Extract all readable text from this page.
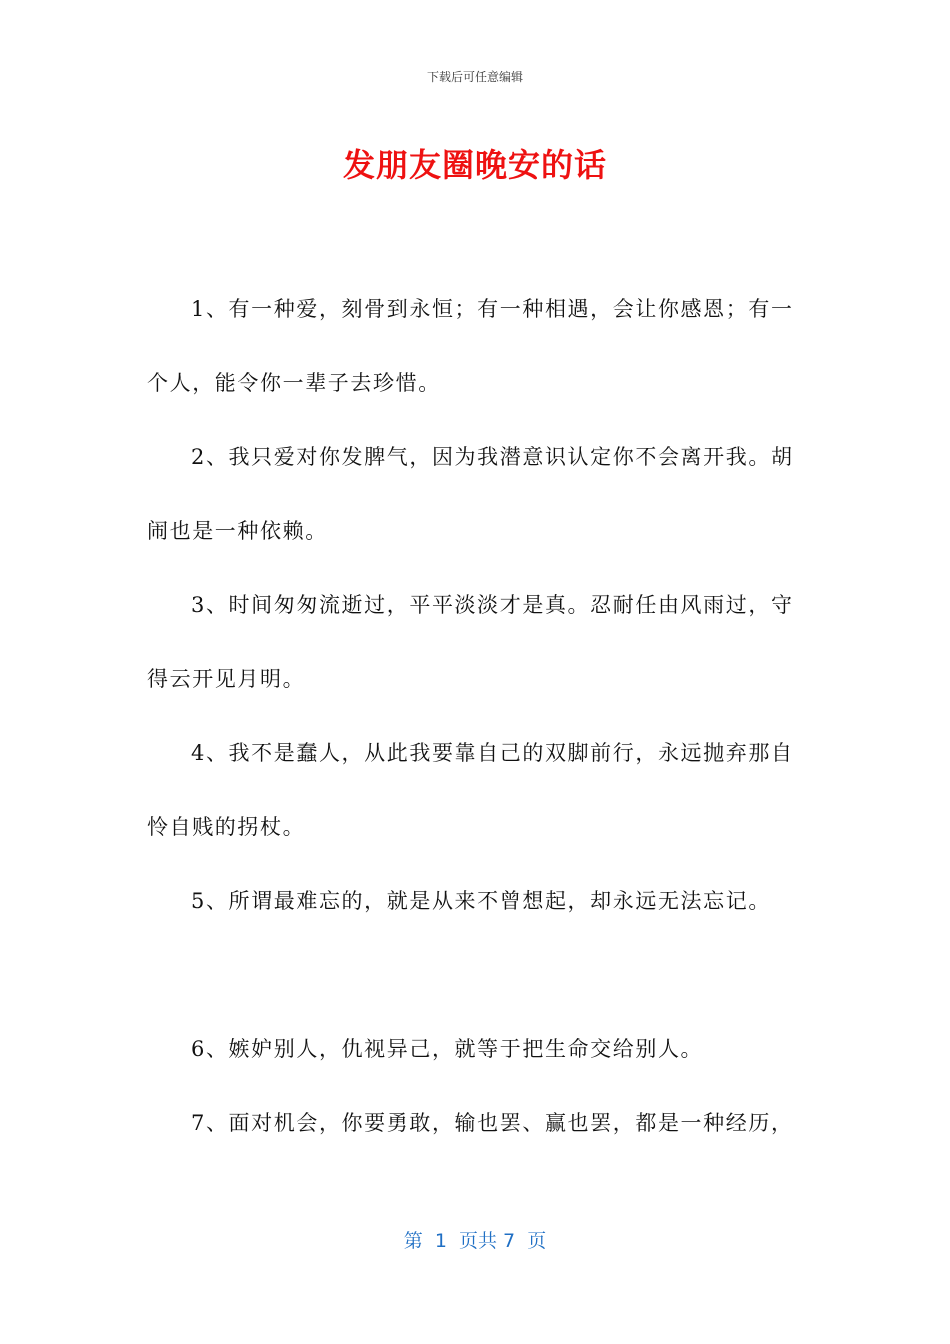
下载后可任意编辑
发朋友圈晚安的话

1、有一种爱，刻骨到永恒；有一种相遇，会让你感恩；有一个人，能令你一辈子去珍惜。

2、我只爱对你发脾气，因为我潜意识认定你不会离开我。胡闹也是一种依赖。

3、时间匆匆流逝过，平平淡淡才是真。忍耐任由风雨过，守得云开见月明。

4、我不是蠢人，从此我要靠自己的双脚前行，永远抛弃那自怜自贱的拐杖。

5、所谓最难忘的，就是从来不曾想起，却永远无法忘记。

6、嫉妒别人，仇视异己，就等于把生命交给别人。

7、面对机会，你要勇敢，输也罢、赢也罢，都是一种经历，

第  1  页共 7  页
